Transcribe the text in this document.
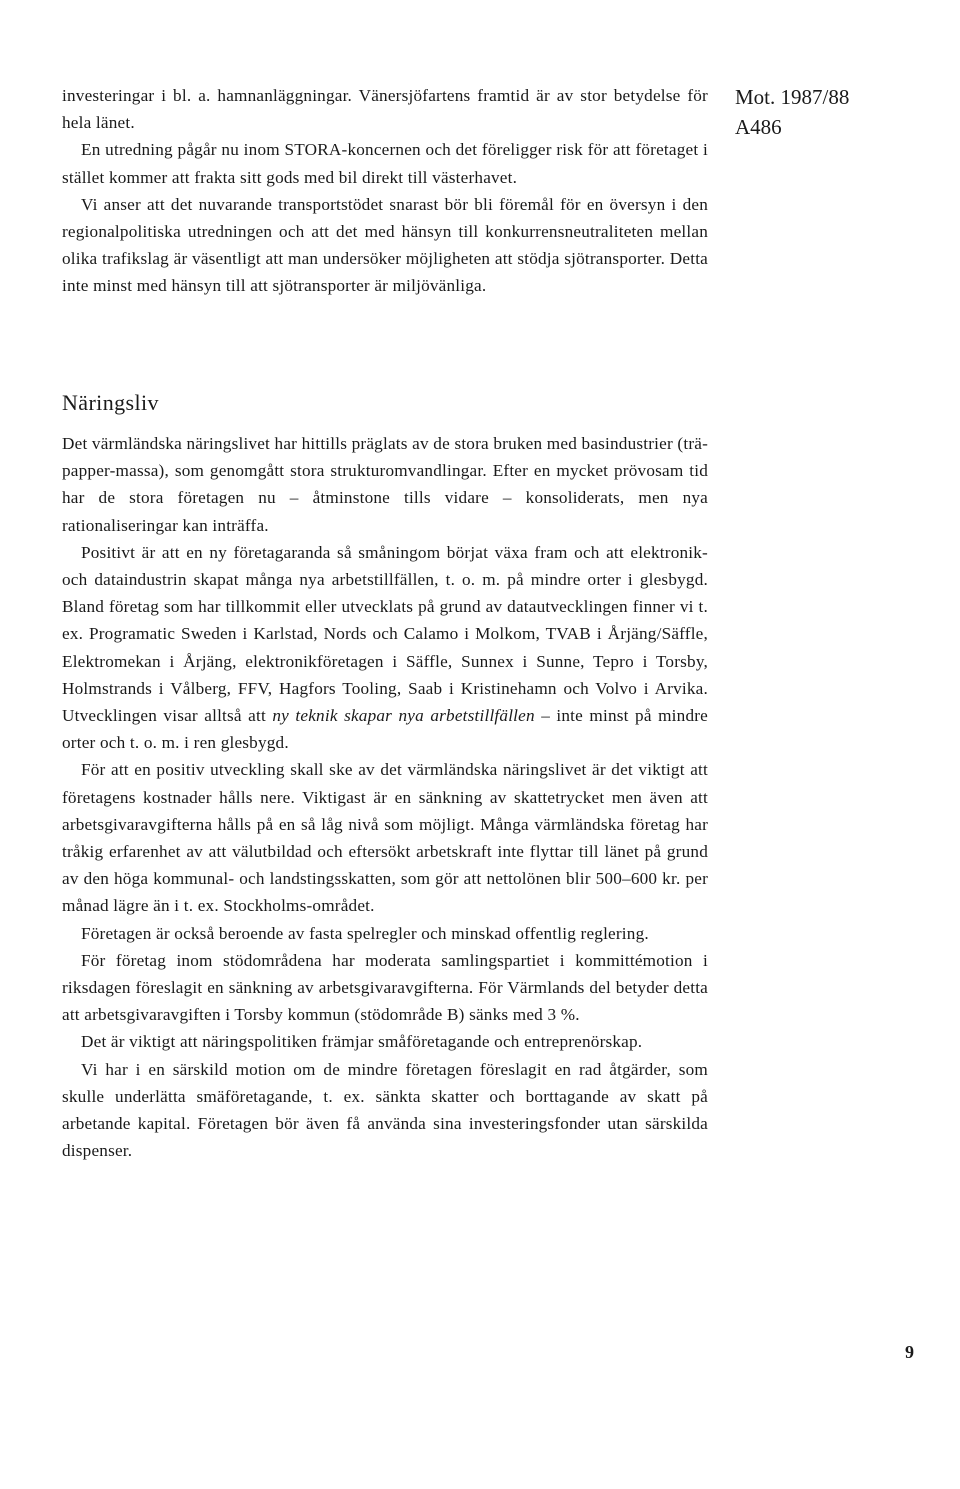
Mot. 1987/88
A486

investeringar i bl. a. hamnanläggningar. Vänersjöfartens framtid är av stor betydelse för hela länet.

En utredning pågår nu inom STORA-koncernen och det föreligger risk för att företaget i stället kommer att frakta sitt gods med bil direkt till västerhavet.

Vi anser att det nuvarande transportstödet snarast bör bli föremål för en översyn i den regionalpolitiska utredningen och att det med hänsyn till konkurrensneutraliteten mellan olika trafikslag är väsentligt att man undersöker möjligheten att stödja sjötransporter. Detta inte minst med hänsyn till att sjötransporter är miljövänliga.

Näringsliv

Det värmländska näringslivet har hittills präglats av de stora bruken med basindustrier (trä-papper-massa), som genomgått stora strukturomvandlingar. Efter en mycket prövosam tid har de stora företagen nu – åtminstone tills vidare – konsoliderats, men nya rationaliseringar kan inträffa.

Positivt är att en ny företagaranda så småningom börjat växa fram och att elektronik- och dataindustrin skapat många nya arbetstillfällen, t. o. m. på mindre orter i glesbygd. Bland företag som har tillkommit eller utvecklats på grund av datautvecklingen finner vi t. ex. Programatic Sweden i Karlstad, Nords och Calamo i Molkom, TVAB i Årjäng/Säffle, Elektromekan i Årjäng, elektronikföretagen i Säffle, Sunnex i Sunne, Tepro i Torsby, Holmstrands i Vålberg, FFV, Hagfors Tooling, Saab i Kristinehamn och Volvo i Arvika. Utvecklingen visar alltså att ny teknik skapar nya arbetstillfällen – inte minst på mindre orter och t. o. m. i ren glesbygd.

För att en positiv utveckling skall ske av det värmländska näringslivet är det viktigt att företagens kostnader hålls nere. Viktigast är en sänkning av skattetrycket men även att arbetsgivaravgifterna hålls på en så låg nivå som möjligt. Många värmländska företag har tråkig erfarenhet av att välutbildad och eftersökt arbetskraft inte flyttar till länet på grund av den höga kommunal- och landstingsskatten, som gör att nettolönen blir 500–600 kr. per månad lägre än i t. ex. Stockholms-området.

Företagen är också beroende av fasta spelregler och minskad offentlig reglering.

För företag inom stödområdena har moderata samlingspartiet i kommittémotion i riksdagen föreslagit en sänkning av arbetsgivaravgifterna. För Värmlands del betyder detta att arbetsgivaravgiften i Torsby kommun (stödområde B) sänks med 3 %.

Det är viktigt att näringspolitiken främjar småföretagande och entreprenörskap.

Vi har i en särskild motion om de mindre företagen föreslagit en rad åtgärder, som skulle underlätta smäföretagande, t. ex. sänkta skatter och borttagande av skatt på arbetande kapital. Företagen bör även få använda sina investeringsfonder utan särskilda dispenser.

9
